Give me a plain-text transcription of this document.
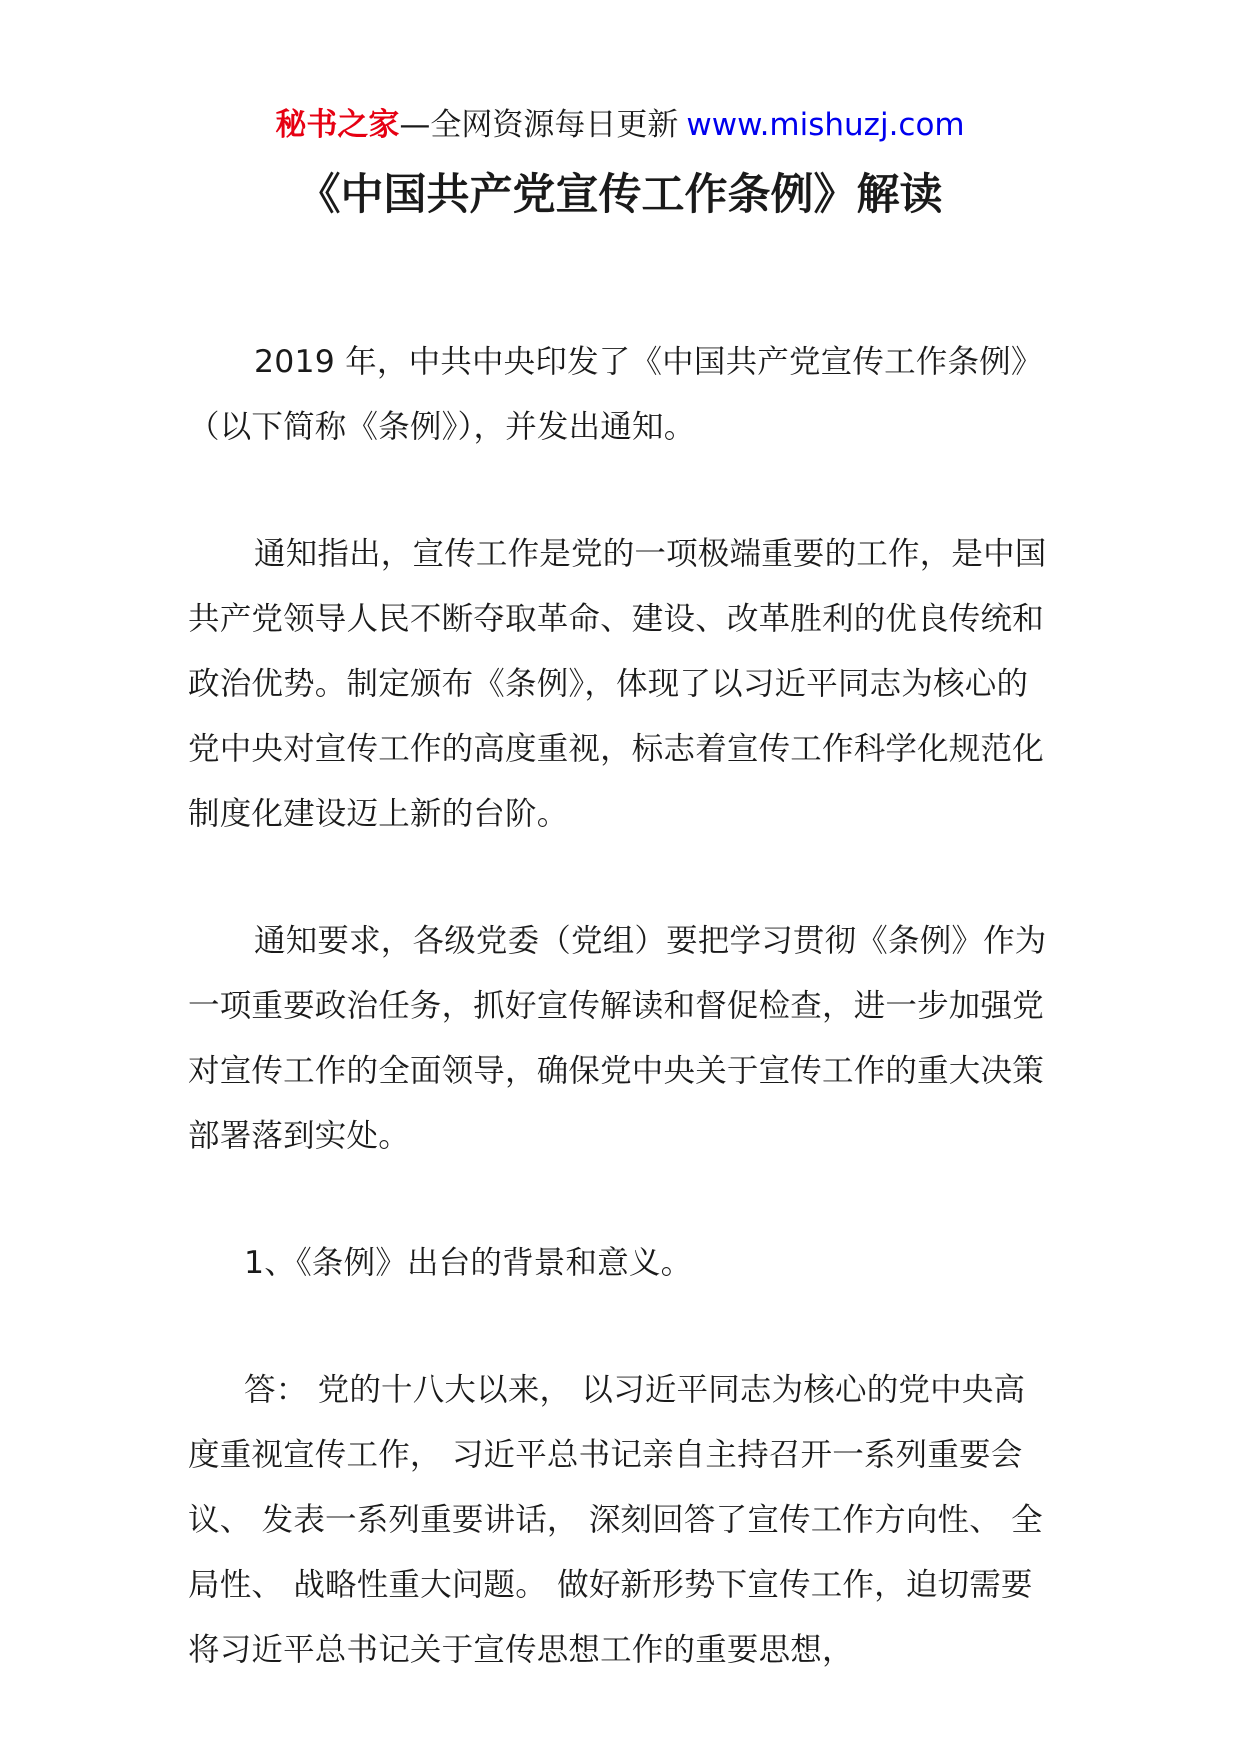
秘书之家—全网资源每日更新 www.mishuzj.com
《中国共产党宣传工作条例》解读

2019 年，中共中央印发了《中国共产党宣传工作条例》（以下简称《条例》），并发出通知。

通知指出，宣传工作是党的一项极端重要的工作，是中国共产党领导人民不断夺取革命、建设、改革胜利的优良传统和政治优势。制定颁布《条例》，体现了以习近平同志为核心的党中央对宣传工作的高度重视，标志着宣传工作科学化规范化制度化建设迈上新的台阶。

通知要求，各级党委（党组）要把学习贯彻《条例》作为一项重要政治任务，抓好宣传解读和督促检查，进一步加强党对宣传工作的全面领导，确保党中央关于宣传工作的重大决策部署落到实处。

1、《条例》出台的背景和意义。

答： 党的十八大以来， 以习近平同志为核心的党中央高度重视宣传工作， 习近平总书记亲自主持召开一系列重要会议、 发表一系列重要讲话， 深刻回答了宣传工作方向性、 全局性、 战略性重大问题。 做好新形势下宣传工作，迫切需要将习近平总书记关于宣传思想工作的重要思想，
